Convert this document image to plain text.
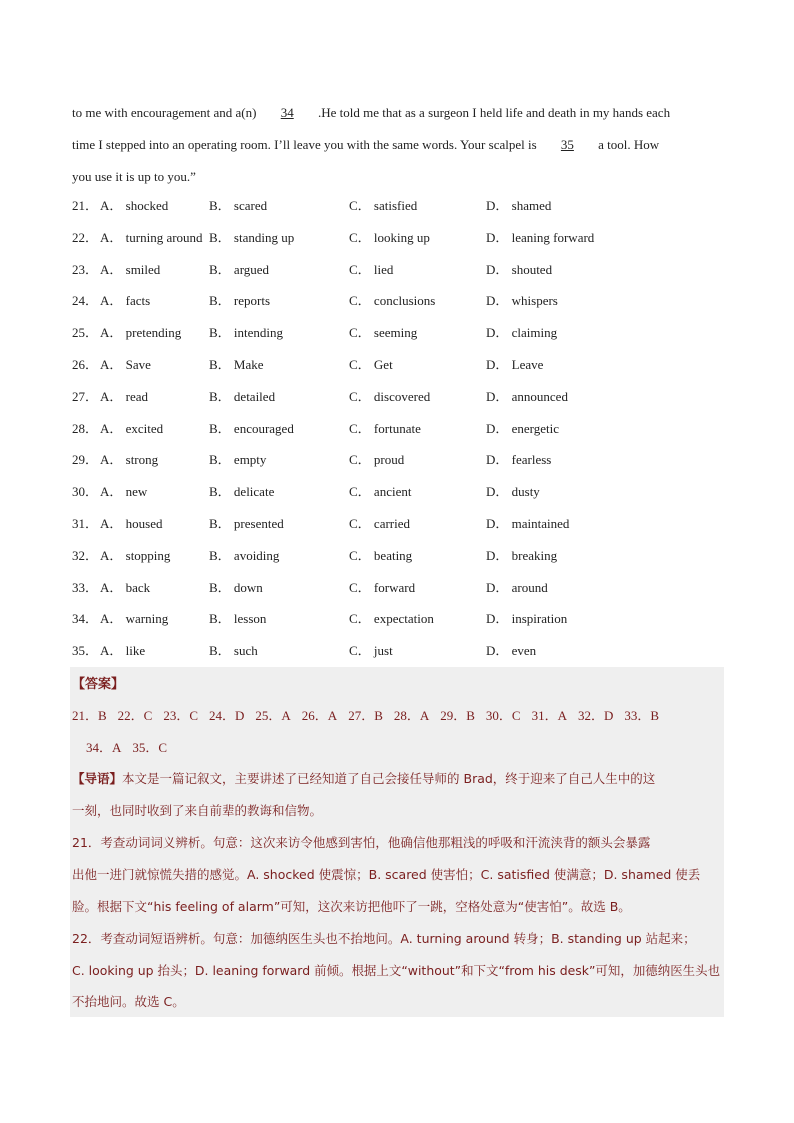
to me with encouragement and a(n) 34 .He told me that as a surgeon I held life and death in my hands each
time I stepped into an operating room. I’ll leave you with the same words. Your scalpel is 35 a tool. How
you use it is up to you.”
21． A． shocked	B． scared	C． satisfied	D． shamed
22． A． turning around B． standing up	C． looking up	D． leaning forward
23． A． smiled	B． argued	C． lied	D． shouted
24． A． facts	B． reports	C． conclusions	D． whispers
25． A． pretending B． intending	C． seeming	D． claiming
26． A． Save	B． Make	C． Get	D． Leave
27． A． read	B． detailed	C． discovered	D． announced
28． A． excited	B． encouraged	C． fortunate	D． energetic
29． A． strong	B． empty	C． proud	D． fearless
30． A． new	B． delicate	C． ancient	D． dusty
31． A． housed	B． presented	C． carried	D． maintained
32． A． stopping	B． avoiding	C． beating	D． breaking
33． A． back	B． down	C． forward	D． around
34． A． warning	B． lesson	C． expectation	D． inspiration
35． A． like	B． such	C． just	D． even
【答案】
21．B 22．C 23．C 24．D 25．A 26．A 27．B 28．A 29．B 30．C 31．A 32．D 33．B
34．A 35．C
【导语】本文是一篇记叙文，主要讲述了已经知道了自己会接任导师的 Brad，终于迎来了自己人生中的这
一刻，也同时收到了来自前辈的教诲和信物。
21．考查动词词义辨析。句意：这次来访令他感到害怕，他确信他那粗浅的呼吸和汗流浃背的额头会暴露
出他一进门就惊慌失措的感觉。A. shocked 使震惊；B. scared 使害怕；C. satisfied 使满意；D. shamed 使丢
脸。根据下文“his feeling of alarm”可知，这次来访把他吓了一跳，空格处意为“使害怕”。故选 B。
22．考查动词短语辨析。句意：加德纳医生头也不抬地问。A. turning around 转身；B. standing up 站起来；
C. looking up 抬头；D. leaning forward 前倾。根据上文“without”和下文“from his desk”可知，加德纳医生头也
不抬地问。故选 C。
